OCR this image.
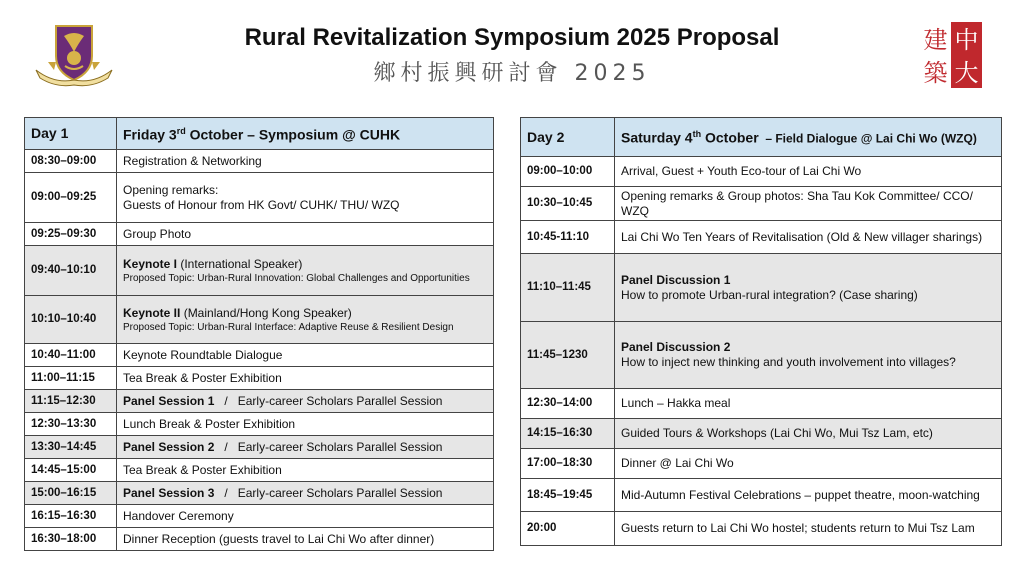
建 中
築 大
Rural Revitalization Symposium 2025 Proposal
鄉村振興研討會 2025
Day 1	Friday 3rd October – Symposium @ CUHK
08:30–09:00	Registration & Networking
09:00–09:25	Opening remarks:
Guests of Honour from HK Govt/ CUHK/ THU/ WZQ
09:25–09:30	Group Photo
09:40–10:10	Keynote I (International Speaker)
Proposed Topic: Urban-Rural Innovation: Global Challenges and Opportunities

10:10–10:40	Keynote II (Mainland/Hong Kong Speaker)
Proposed Topic: Urban-Rural Interface: Adaptive Reuse & Resilient Design

10:40–11:00	Keynote Roundtable Dialogue
11:00–11:15	Tea Break & Poster Exhibition
11:15–12:30	Panel Session 1   /   Early-career Scholars Parallel Session
12:30–13:30	Lunch Break & Poster Exhibition
13:30–14:45	Panel Session 2   /   Early-career Scholars Parallel Session
14:45–15:00	Tea Break & Poster Exhibition
15:00–16:15	Panel Session 3   /   Early-career Scholars Parallel Session
16:15–16:30	Handover Ceremony
16:30–18:00	Dinner Reception (guests travel to Lai Chi Wo after dinner)
Day 2	Saturday 4th October  – Field Dialogue @ Lai Chi Wo (WZQ)
09:00–10:00	Arrival, Guest + Youth Eco-tour of Lai Chi Wo
10:30–10:45	Opening remarks & Group photos: Sha Tau Kok Committee/ CCO/ WZQ
10:45-11:10	Lai Chi Wo Ten Years of Revitalisation (Old & New villager sharings)
11:10–11:45	Panel Discussion 1
How to promote Urban-rural integration? (Case sharing)
11:45–1230	Panel Discussion 2
How to inject new thinking and youth involvement into villages?
12:30–14:00	Lunch – Hakka meal
14:15–16:30	Guided Tours & Workshops (Lai Chi Wo, Mui Tsz Lam, etc)
17:00–18:30	Dinner @ Lai Chi Wo
18:45–19:45	Mid-Autumn Festival Celebrations – puppet theatre, moon-watching
20:00	Guests return to Lai Chi Wo hostel; students return to Mui Tsz Lam
